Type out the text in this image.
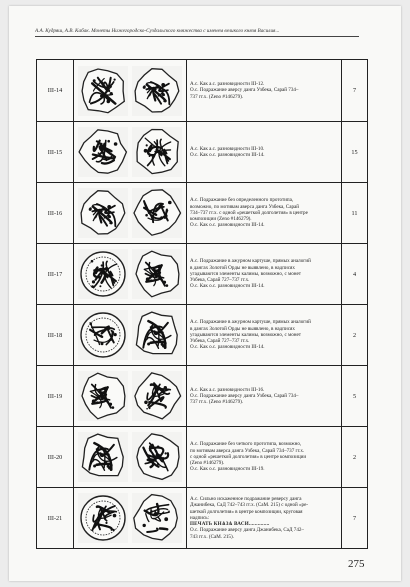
А.А. Кудряш, А.В. Кабак. Монеты Нижегородско-Суздальского княжества с именем великого князя Василия...
III-14
А.с. Как а.с. разновидности III-12.
О.с. Подражание аверсу данга Узбека, Сарай 734–
737 гг.х. (Zeno #146279).
7
III-15	А.с. Как а.с. разновидности III-10.
О.с. Как о.с. разновидности III-14.	15
III-16
А.с. Подражание без определенного прототипа,
возможно, по мотивам аверса данга Узбека, Сарай
734–737 гг.х. с одной «решеткой долголетия» в центре
композиции (Zeno #146279).
О.с. Как о.с. разновидности III-14.
11
III-17
А.с. Подражание в ажурном картуше, прямых аналогий
в дангах Золотой Орды не выявлено, в надписях
угадываются элементы калимы, возможно, с монет
Узбека, Сарай 727–737 гг.х.
О.с. Как о.с. разновидности III-14.
4
III-18
А.с. Подражание в ажурном картуше, прямых аналогий
в дангах Золотой Орды не выявлено, в надписях
угадываются элементы калимы, возможно, с монет
Узбека, Сарай 727–737 гг.х.
О.с. Как о.с. разновидности III-14.
2
III-19
А.с. Как а.с. разновидности III-16.
О.с. Подражание аверсу данга Узбека, Сарай 734–
737 гг.х. (Zeno #146279).
5
III-20
А.с. Подражание без четкого прототипа, возможно,
по мотивам аверса данга Узбека, Сарай 734–737 гг.х.
с одной «решеткой долголетия» в центре композиции
(Zeno #146279).
О.с. Как о.с. разновидности III-19.
2
III-21
А.с. Сильно искаженное подражание реверсу данга
Джанибека, СаД 742–743 гг.х. (СаМ. 215) с одной «ре-
шеткой долголетия» в центре композиции, круговая
надпись:
ПЕЧАТЬ КНѦЗѦ ВАСИ..............
О.с. Подражание аверсу данга Джанибека, СаД 742–
743 гг.х. (СаМ. 215).
7
275
